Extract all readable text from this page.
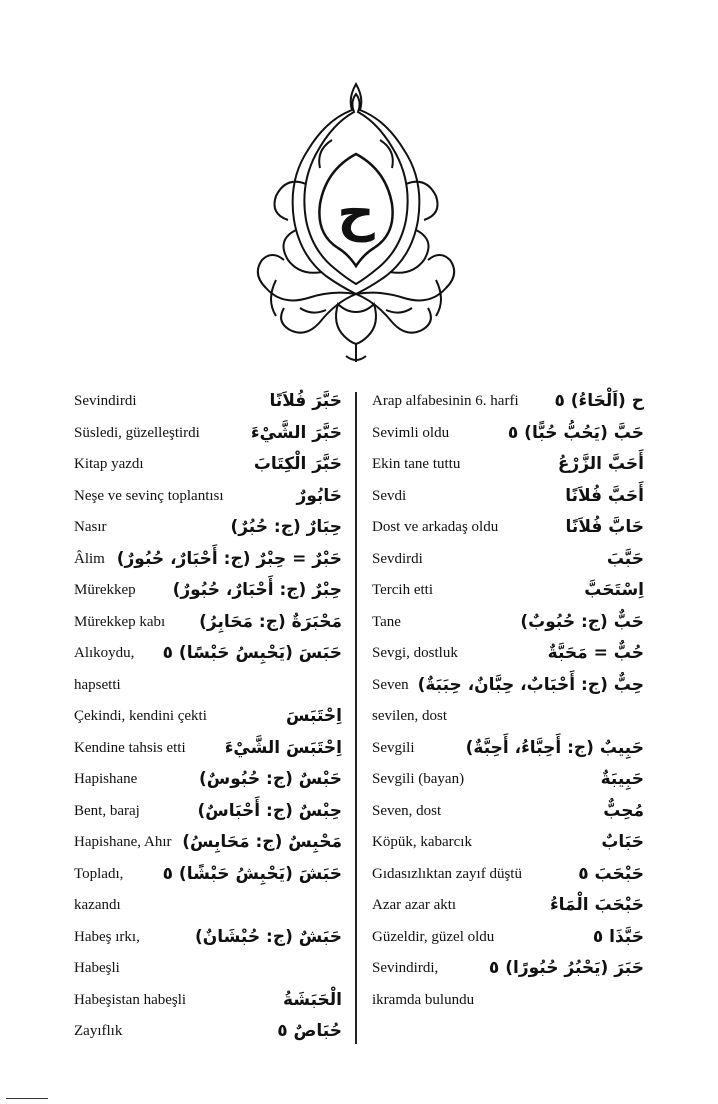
ح
Sevindirdi	حَبَّرَ فُلاَنًا
Süsledi, güzelleştirdi	حَبَّرَ الشَّيْءَ
Kitap yazdı	حَبَّرَ الْكِتَابَ
Neşe ve sevinç toplantısı	حَابُورٌ
Nasır	حِبَارٌ (ج: حُبُرٌ)
Âlim حَبْرٌ = حِبْرٌ (ج: أَحْبَارٌ، حُبُورٌ)
Mürekkep حِبْرٌ (ج: أَحْبَارٌ، حُبُورٌ)
Mürekkep kabı مَحْبَرَةٌ (ج: مَحَابِرُ)
Alıkoydu, حَبَسَ (يَحْبِسُ حَبْسًا) ٥
hapsetti
Çekindi, kendini çekti	اِحْتَبَسَ
Kendine tahsis etti اِحْتَبَسَ الشَّيْءَ
Hapishane	حَبْسٌ (ج: حُبُوسٌ)
Bent, baraj	حِبْسٌ (ج: أَحْبَاسٌ)
Hapishane, Ahır مَحْبِسٌ (ج: مَحَابِسُ)
Topladı, حَبَشَ (يَحْبِشُ حَبْشًا) ٥
kazandı
Habeş ırkı,	حَبَشٌ (ج: حُبْشَانٌ)
Habeşli
Habeşistan habeşli	الْحَبَشَةُ
Zayıflık	حُبَاصٌ ٥
Arap alfabesinin 6. harfi ح (اَلْحَاءُ) ٥
Sevimli oldu	حَبَّ (يَحُبُّ حُبًّا) ٥
Ekin tane tuttu	أَحَبَّ الزَّرْعُ
Sevdi	أَحَبَّ فُلاَنًا
Dost ve arkadaş oldu	حَابَّ فُلاَنًا
Sevdirdi	حَبَّبَ
Tercih etti	اِسْتَحَبَّ
Tane	حَبٌّ (ج: حُبُوبٌ)
Sevgi, dostluk	حُبٌّ = مَحَبَّةٌ
Seven حِبٌّ (ج: أَحْبَابٌ، حِبَّانٌ، حِبَبَةٌ)
sevilen, dost
Sevgili	حَبِيبٌ (ج: أَحِبَّاءُ، أَحِبَّةٌ)
Sevgili (bayan)	حَبِيبَةٌ
Seven, dost	مُحِبٌّ
Köpük, kabarcık	حَبَابٌ
Gıdasızlıktan zayıf düştü	حَبْحَبَ ٥
Azar azar aktı	حَبْحَبَ الْمَاءُ
Güzeldir, güzel oldu	حَبَّذَا ٥
Sevindirdi,	حَبَرَ (يَحْبُرُ حُبُورًا) ٥
ikramda bulundu
